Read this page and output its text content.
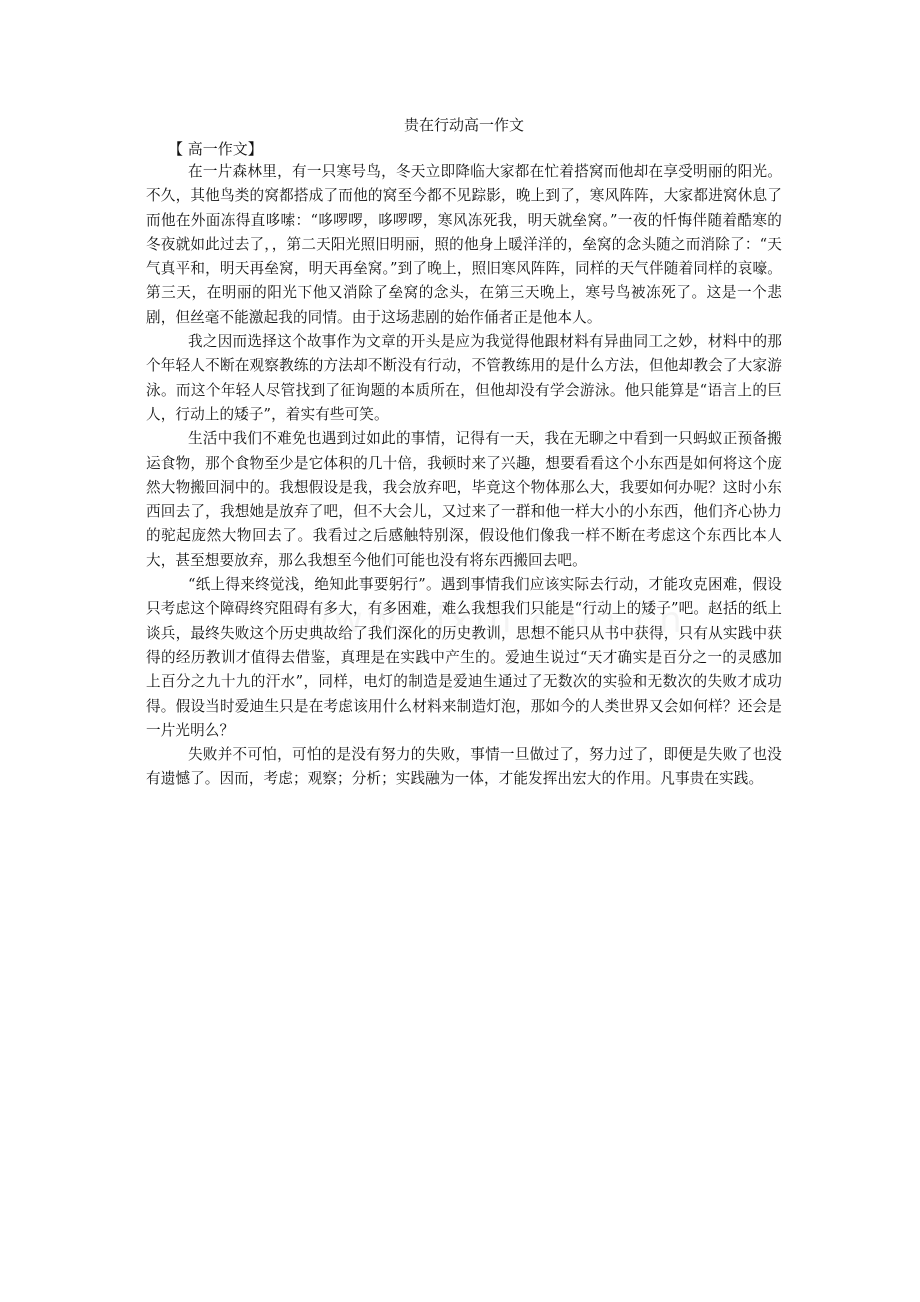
贵在行动高一作文
【 高一作文】

在一片森林里，有一只寒号鸟，冬天立即降临大家都在忙着搭窝而他却在享受明丽的阳光。不久，其他鸟类的窝都搭成了而他的窝至今都不见踪影，晚上到了，寒风阵阵，大家都进窝休息了而他在外面冻得直哆嗦：“哆啰啰，哆啰啰，寒风冻死我，明天就垒窝。”一夜的忏悔伴随着酷寒的冬夜就如此过去了，，第二天阳光照旧明丽，照的他身上暖洋洋的，垒窝的念头随之而消除了：“天气真平和，明天再垒窝，明天再垒窝。”到了晚上，照旧寒风阵阵，同样的天气伴随着同样的哀嚎。第三天，在明丽的阳光下他又消除了垒窝的念头，在第三天晚上，寒号鸟被冻死了。这是一个悲剧，但丝毫不能激起我的同情。由于这场悲剧的始作俑者正是他本人。

我之因而选择这个故事作为文章的开头是应为我觉得他跟材料有异曲同工之妙，材料中的那个年轻人不断在观察教练的方法却不断没有行动，不管教练用的是什么方法，但他却教会了大家游泳。而这个年轻人尽管找到了征询题的本质所在，但他却没有学会游泳。他只能算是“语言上的巨人，行动上的矮子”，着实有些可笑。

生活中我们不难免也遇到过如此的事情，记得有一天，我在无聊之中看到一只蚂蚁正预备搬运食物，那个食物至少是它体积的几十倍，我顿时来了兴趣，想要看看这个小东西是如何将这个庞然大物搬回洞中的。我想假设是我，我会放弃吧，毕竟这个物体那么大，我要如何办呢？这时小东西回去了，我想她是放弃了吧，但不大会儿，又过来了一群和他一样大小的小东西，他们齐心协力的驼起庞然大物回去了。我看过之后感触特别深，假设他们像我一样不断在考虑这个东西比本人大，甚至想要放弃，那么我想至今他们可能也没有将东西搬回去吧。

“纸上得来终觉浅，绝知此事要躬行”。遇到事情我们应该实际去行动，才能攻克困难，假设只考虑这个障碍终究阻碍有多大，有多困难，难么我想我们只能是“行动上的矮子”吧。赵括的纸上谈兵，最终失败这个历史典故给了我们深化的历史教训，思想不能只从书中获得，只有从实践中获得的经历教训才值得去借鉴，真理是在实践中产生的。爱迪生说过“天才确实是百分之一的灵感加上百分之九十九的汗水”，同样，电灯的制造是爱迪生通过了无数次的实验和无数次的失败才成功得。假设当时爱迪生只是在考虑该用什么材料来制造灯泡，那如今的人类世界又会如何样？还会是一片光明么？

失败并不可怕，可怕的是没有努力的失败，事情一旦做过了，努力过了，即便是失败了也没有遗憾了。因而，考虑；观察；分析；实践融为一体，才能发挥出宏大的作用。凡事贵在实践。
